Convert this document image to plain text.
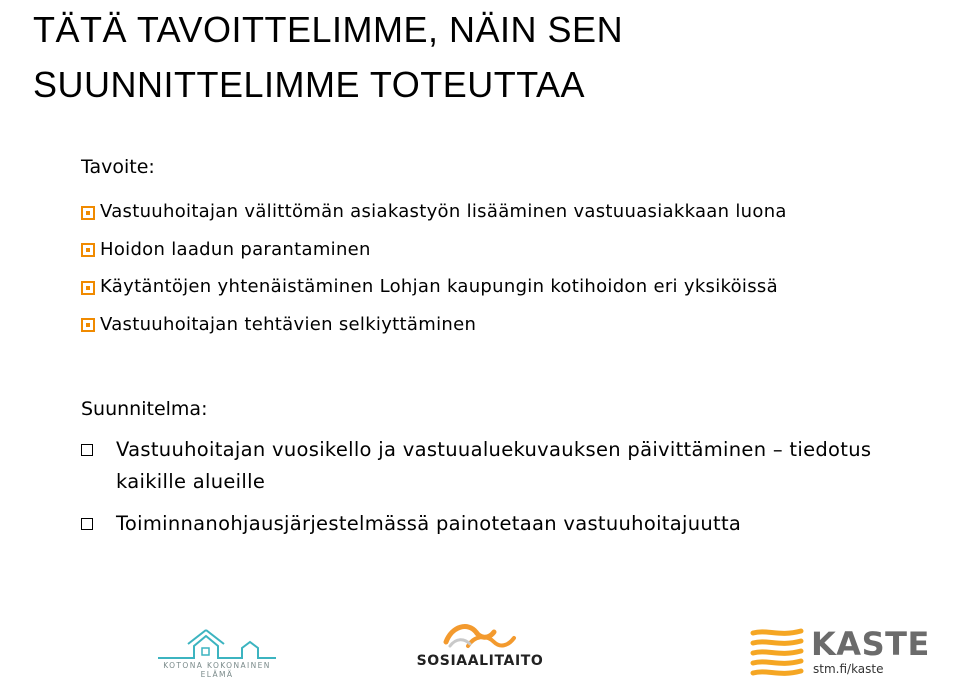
TÄTÄ TAVOITTELIMME, NÄIN SEN
SUUNNITTELIMME TOTEUTTAA
Tavoite:
Vastuuhoitajan välittömän asiakastyön lisääminen vastuuasiakkaan luona
Hoidon laadun parantaminen
Käytäntöjen yhtenäistäminen Lohjan kaupungin kotihoidon eri yksiköissä
Vastuuhoitajan tehtävien selkiyttäminen
Suunnitelma:
Vastuuhoitajan vuosikello ja vastuualuekuvauksen päivittäminen – tiedotus kaikille alueille
Toiminnanohjausjärjestelmässä painotetaan vastuuhoitajuutta
KOTONA KOKONAINEN ELÄMÄ
SOSIAALITAITO	KASTE
stm.fi/kaste
